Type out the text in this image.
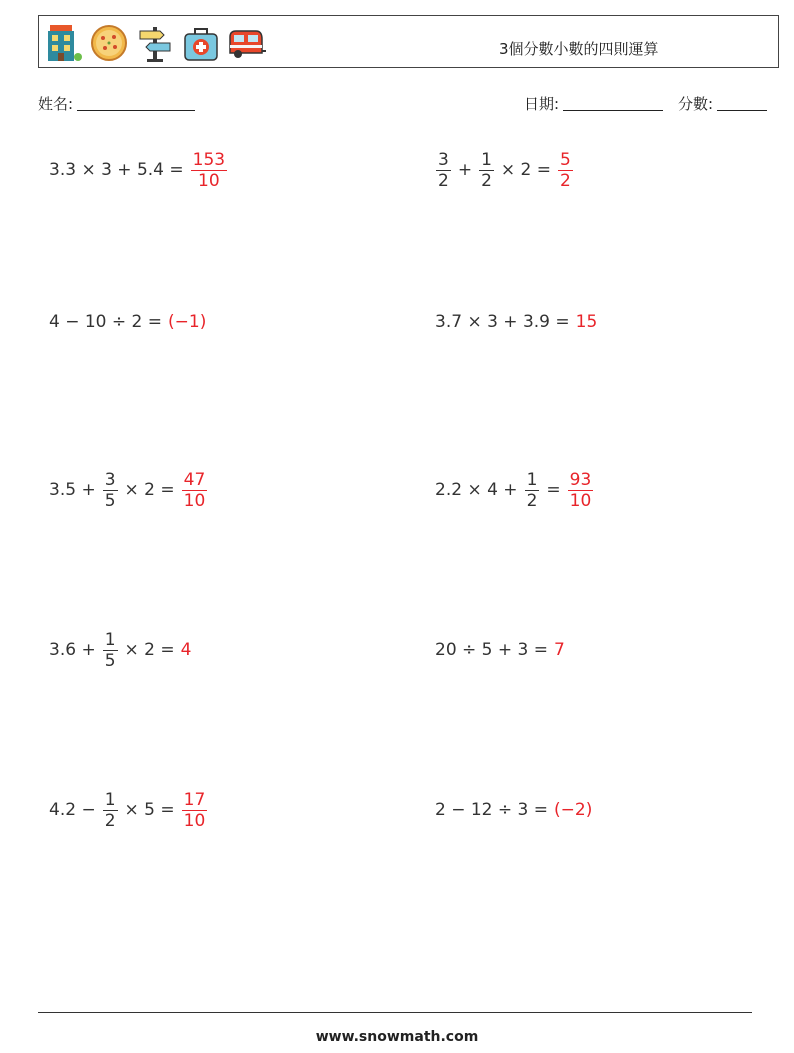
3個分數小數的四則運算
姓名:	日期:	分數:
$3.3 \times 3 + 5.4 = \frac{153}{10}$	$\frac{3}{2} + \frac{1}{2} \times 2 = \frac{5}{2}$
4 − 10 ÷ 2 = (−1)	3.7 × 3 + 3.9 = 15
$3.5 + \frac{3}{5} \times 2 = \frac{47}{10}$	$2.2 \times 4 + \frac{1}{2} = \frac{93}{10}$
$3.6 + \frac{1}{5} \times 2 = 4$	20 ÷ 5 + 3 = 7
$4.2 - \frac{1}{2} \times 5 = \frac{17}{10}$	2 − 12 ÷ 3 = (−2)
www.snowmath.com
